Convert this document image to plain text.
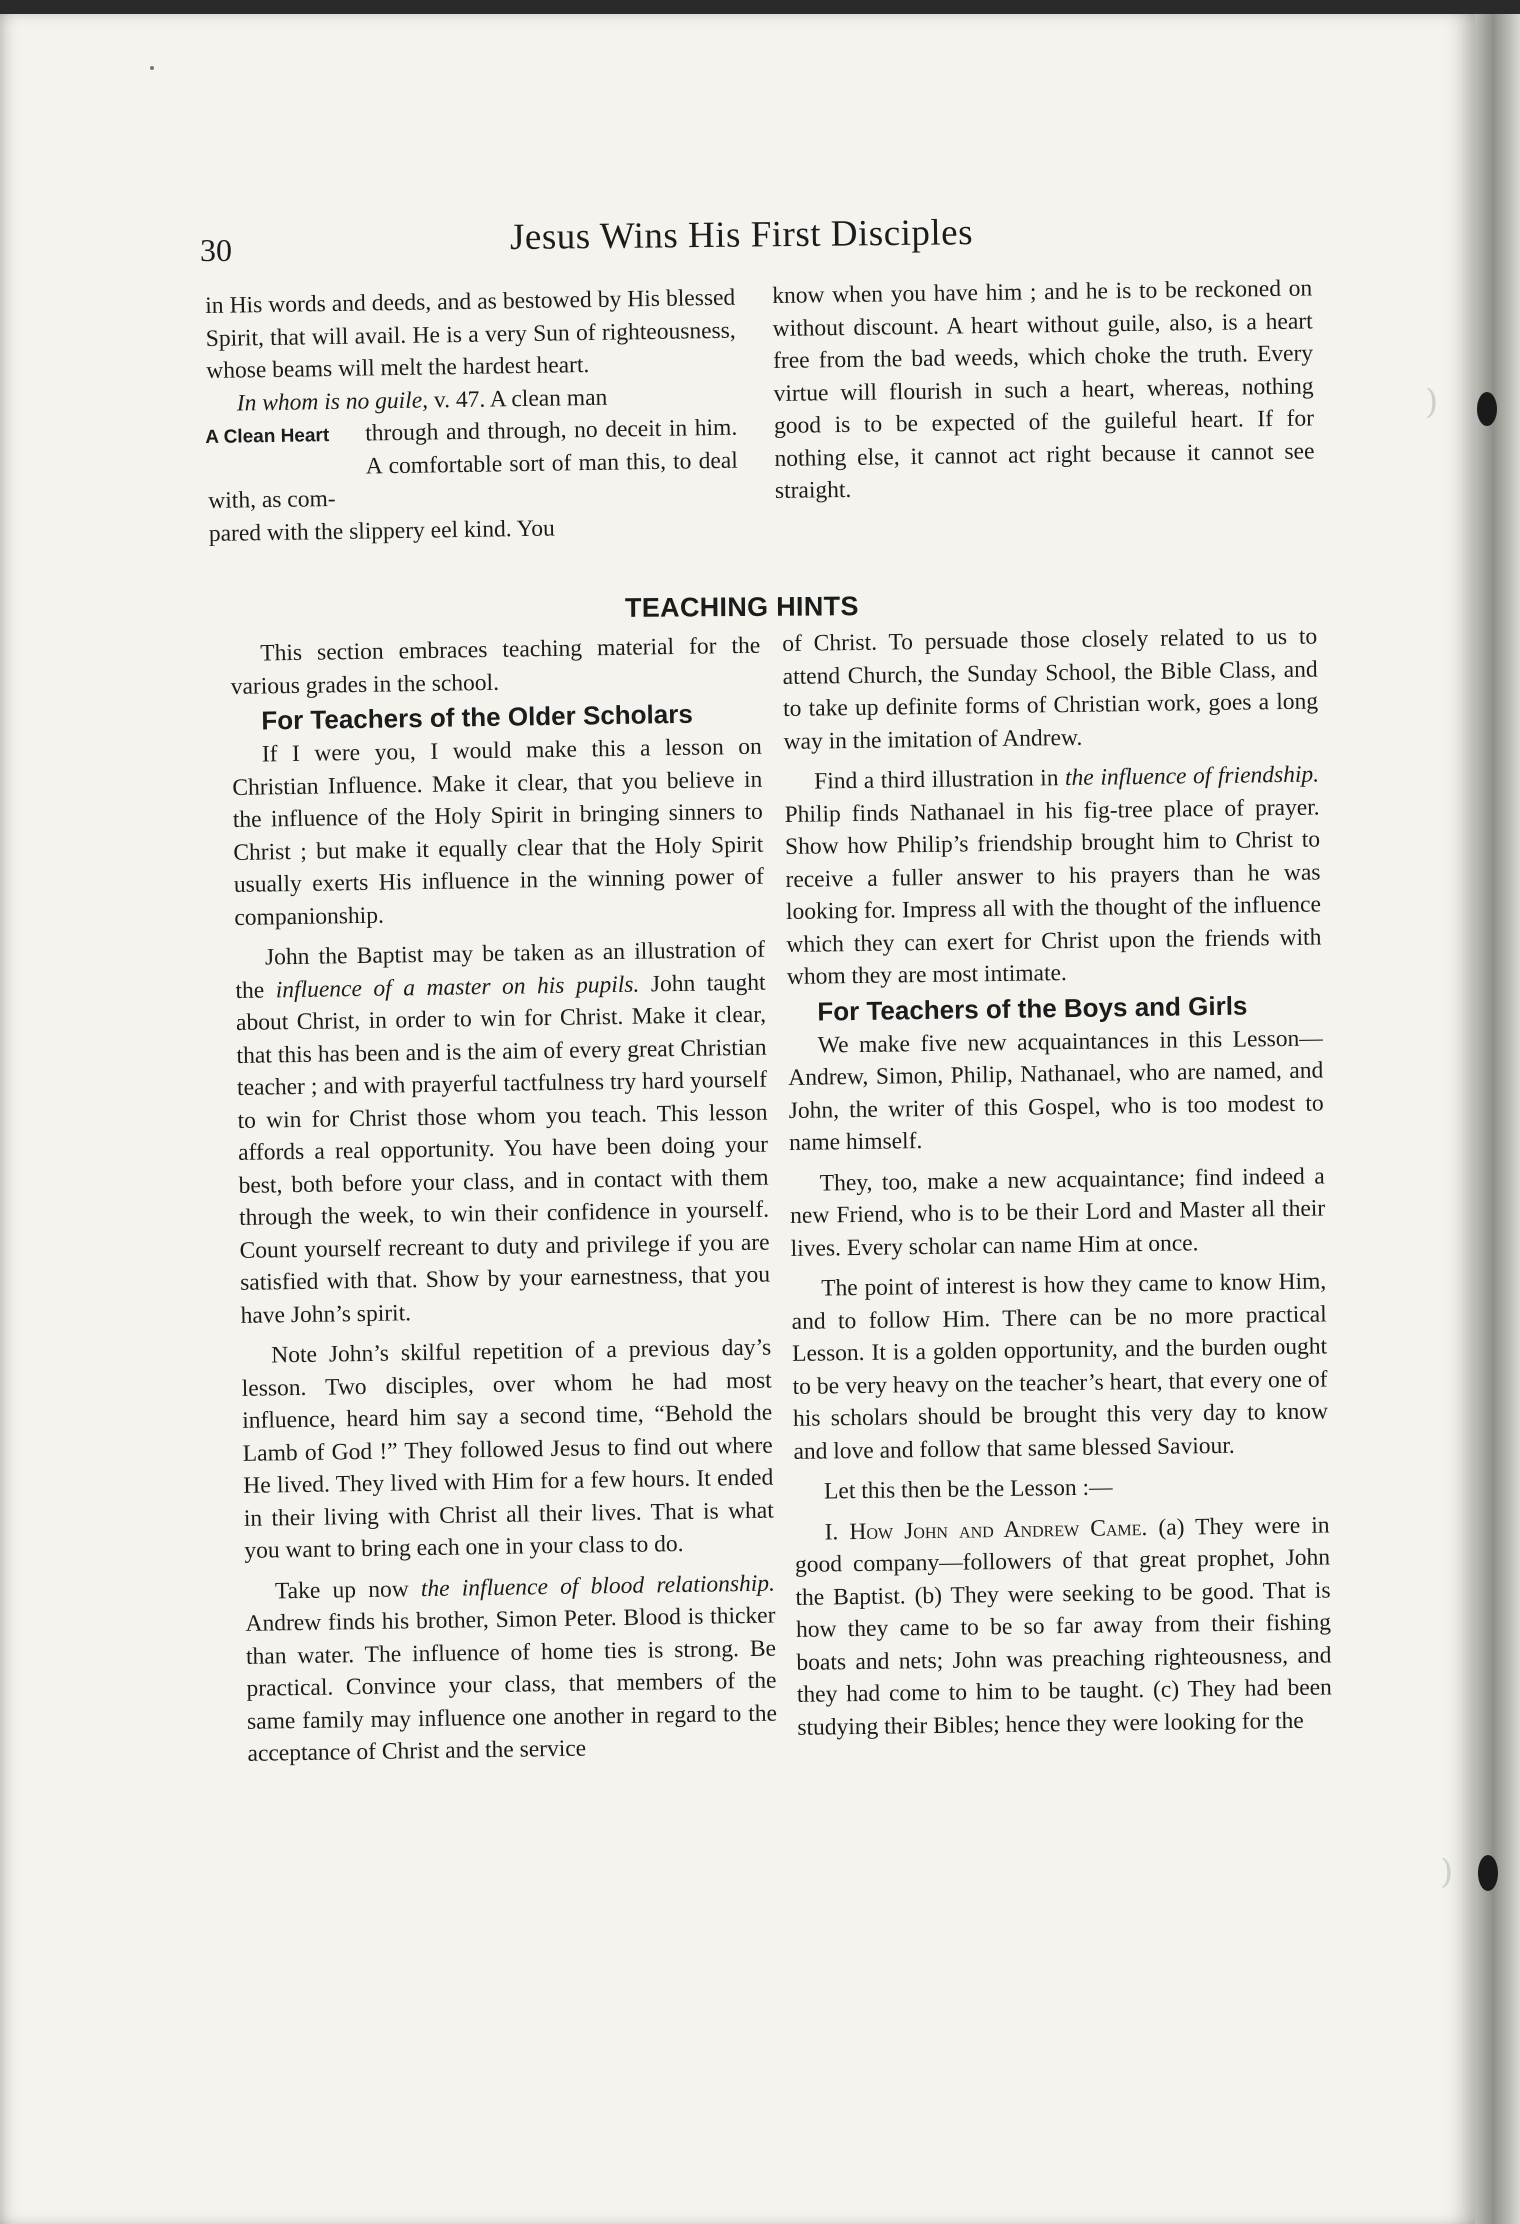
30	Jesus Wins His First Disciples

in His words and deeds, and as bestowed by His blessed Spirit, that will avail. He is a very Sun of righteousness, whose beams will melt the hardest heart.

In whom is no guile, v. 47. A clean man

A Clean Heart	through and through, no deceit in him. A comfortable sort of man this, to deal with, as com-

pared with the slippery eel kind. You

know when you have him ; and he is to be reckoned on without discount. A heart without guile, also, is a heart free from the bad weeds, which choke the truth. Every virtue will flourish in such a heart, whereas, nothing good is to be expected of the guileful heart. If for nothing else, it cannot act right because it cannot see straight.

TEACHING HINTS

This section embraces teaching material for the various grades in the school.

For Teachers of the Older Scholars

If I were you, I would make this a lesson on Christian Influence. Make it clear, that you believe in the influence of the Holy Spirit in bringing sinners to Christ ; but make it equally clear that the Holy Spirit usually exerts His influence in the winning power of companionship.

John the Baptist may be taken as an illustration of the influence of a master on his pupils. John taught about Christ, in order to win for Christ. Make it clear, that this has been and is the aim of every great Christian teacher ; and with prayerful tactfulness try hard yourself to win for Christ those whom you teach. This lesson affords a real opportunity. You have been doing your best, both before your class, and in contact with them through the week, to win their confidence in yourself. Count yourself recreant to duty and privilege if you are satisfied with that. Show by your earnestness, that you have John’s spirit.

Note John’s skilful repetition of a previous day’s lesson. Two disciples, over whom he had most influence, heard him say a second time, “Behold the Lamb of God !” They followed Jesus to find out where He lived. They lived with Him for a few hours. It ended in their living with Christ all their lives. That is what you want to bring each one in your class to do.

Take up now the influence of blood relationship. Andrew finds his brother, Simon Peter. Blood is thicker than water. The influence of home ties is strong. Be practical. Convince your class, that members of the same family may influence one another in regard to the acceptance of Christ and the service

of Christ. To persuade those closely related to us to attend Church, the Sunday School, the Bible Class, and to take up definite forms of Christian work, goes a long way in the imitation of Andrew.

Find a third illustration in the influence of friendship. Philip finds Nathanael in his fig-tree place of prayer. Show how Philip’s friendship brought him to Christ to receive a fuller answer to his prayers than he was looking for. Impress all with the thought of the influence which they can exert for Christ upon the friends with whom they are most intimate.

For Teachers of the Boys and Girls

We make five new acquaintances in this Lesson—Andrew, Simon, Philip, Nathanael, who are named, and John, the writer of this Gospel, who is too modest to name himself.

They, too, make a new acquaintance; find indeed a new Friend, who is to be their Lord and Master all their lives. Every scholar can name Him at once.

The point of interest is how they came to know Him, and to follow Him. There can be no more practical Lesson. It is a golden opportunity, and the burden ought to be very heavy on the teacher’s heart, that every one of his scholars should be brought this very day to know and love and follow that same blessed Saviour.

Let this then be the Lesson :—

I. How John and Andrew Came. (a) They were in good company—followers of that great prophet, John the Baptist. (b) They were seeking to be good. That is how they came to be so far away from their fishing boats and nets; John was preaching righteousness, and they had come to him to be taught. (c) They had been studying their Bibles; hence they were looking for the

)
)
